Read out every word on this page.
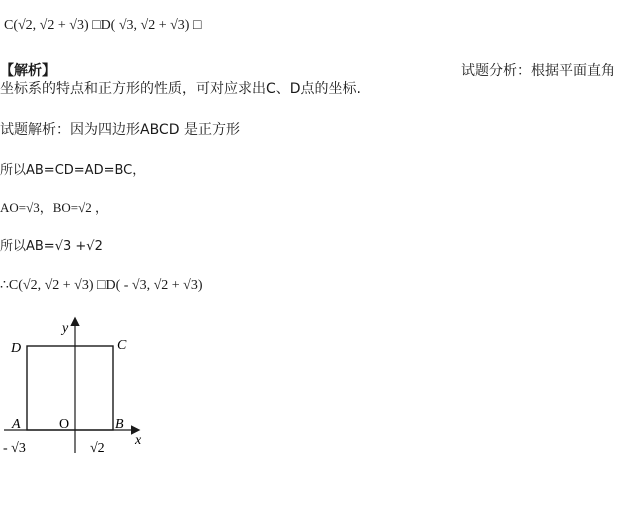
C(√2, √2 + √3) □D( √3, √2 + √3) □
【解析】	试题分析：根据平面直角
坐标系的特点和正方形的性质，可对应求出C、D点的坐标.
试题解析：因为四边形ABCD 是正方形
所以AB=CD=AD=BC，
AO=√3，BO=√2 ，
所以AB=√3 +√2
∴C(√2, √2 + √3) □D( - √3, √2 + √3)
y
x
D	C
A	O	B
- √3	√2
